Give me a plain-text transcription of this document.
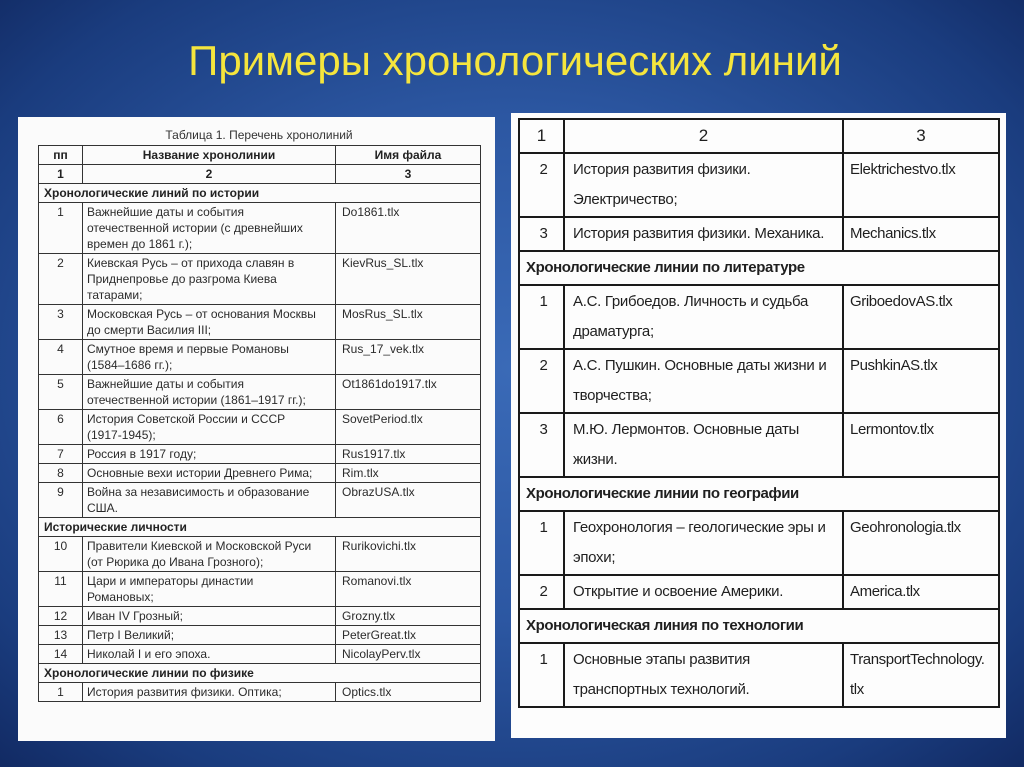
Примеры хронологических линий
Таблица 1. Перечень хронолиний
пп	Название хронолинии	Имя файла
1	2	3
Хронологические линий по истории		
1	Важнейшие даты и события отечественной истории (с древнейших времен до 1861 г.);	Do1861.tlx
2	Киевская Русь – от прихода славян в Приднепровье до разгрома Киева татарами;	KievRus_SL.tlx
3	Московская Русь – от основания Москвы до смерти Василия III;	MosRus_SL.tlx
4	Смутное время и первые Романовы (1584–1686 гг.);	Rus_17_vek.tlx
5	Важнейшие даты и события отечественной истории (1861–1917 гг.);	Ot1861do1917.tlx
6	История Советской России и СССР (1917-1945);	SovetPeriod.tlx
7	Россия в 1917 году;	Rus1917.tlx
8	Основные вехи истории Древнего Рима;	Rim.tlx
9	Война за независимость и образование США.	ObrazUSA.tlx
Исторические личности		
10	Правители Киевской и Московской Руси (от Рюрика до Ивана Грозного);	Rurikovichi.tlx
11	Цари и императоры династии Романовых;	Romanovi.tlx
12	Иван IV Грозный;	Grozny.tlx
13	Петр I Великий;	PeterGreat.tlx
14	Николай I и его эпоха.	NicolayPerv.tlx
Хронологические линии по физике		
1	История развития физики. Оптика;	Optics.tlx
1	2	3
2	История развития физики. Электричество;	Elektrichestvo.tlx
3	История развития физики. Механика.	Mechanics.tlx
Хронологические линии по литературе		
1	А.С. Грибоедов. Личность и судьба драматурга;	GriboedovAS.tlx
2	А.С. Пушкин. Основные даты жизни и творчества;	PushkinAS.tlx
3	М.Ю. Лермонтов. Основные даты жизни.	Lermontov.tlx
Хронологические линии по географии		
1	Геохронология – геологические эры и эпохи;	Geohronologia.tlx
2	Открытие и освоение Америки.	America.tlx
Хронологическая линия по технологии		
1	Основные этапы развития транспортных технологий.	TransportTechnology. tlx
